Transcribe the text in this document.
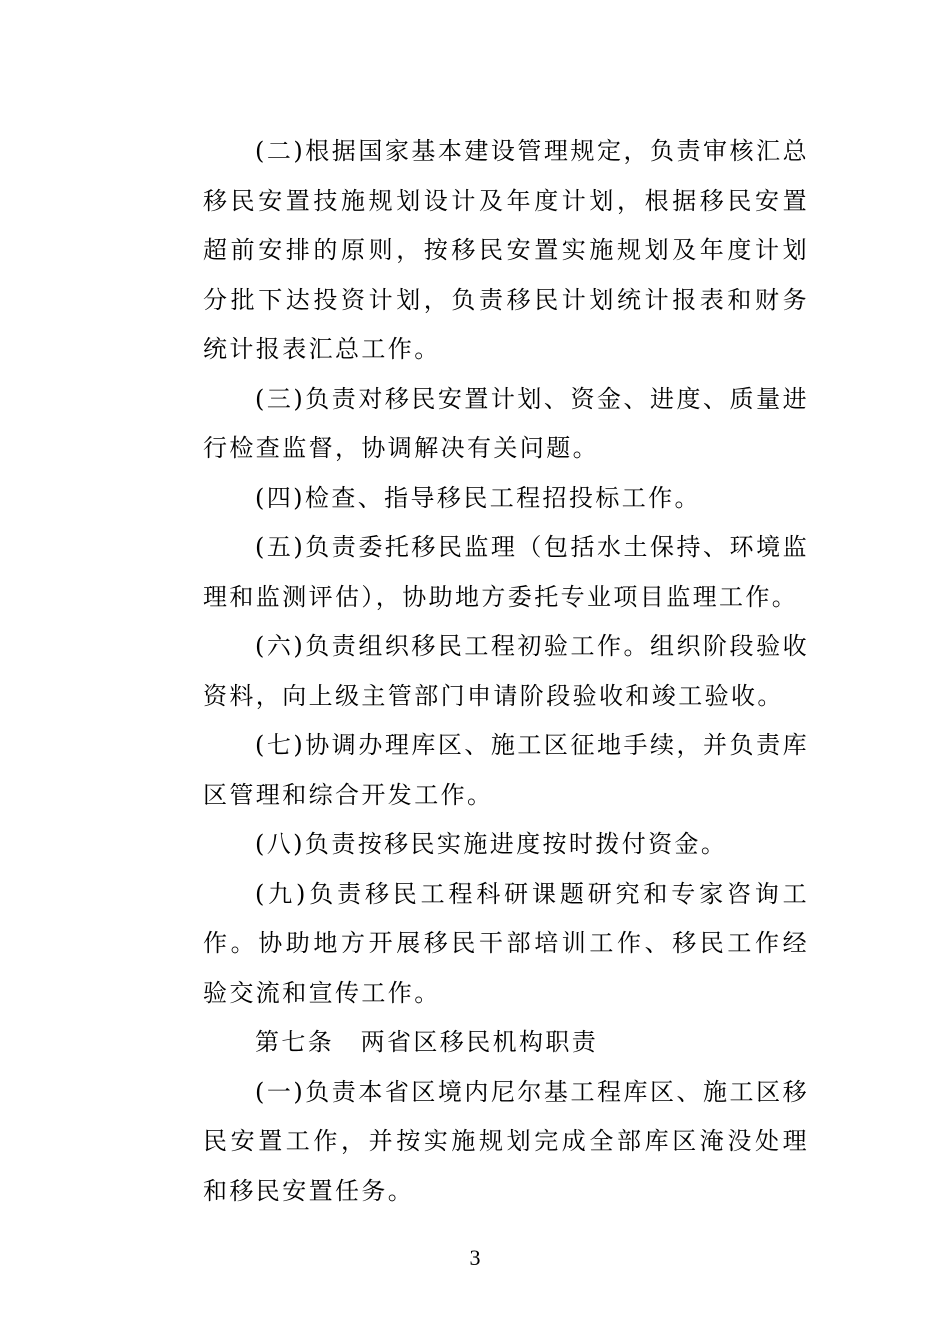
(二)根据国家基本建设管理规定，负责审核汇总移民安置技施规划设计及年度计划，根据移民安置超前安排的原则，按移民安置实施规划及年度计划分批下达投资计划，负责移民计划统计报表和财务统计报表汇总工作。

(三)负责对移民安置计划、资金、进度、质量进行检查监督，协调解决有关问题。

(四)检查、指导移民工程招投标工作。

(五)负责委托移民监理（包括水土保持、环境监理和监测评估），协助地方委托专业项目监理工作。

(六)负责组织移民工程初验工作。组织阶段验收资料，向上级主管部门申请阶段验收和竣工验收。

(七)协调办理库区、施工区征地手续，并负责库区管理和综合开发工作。

(八)负责按移民实施进度按时拨付资金。

(九)负责移民工程科研课题研究和专家咨询工作。协助地方开展移民干部培训工作、移民工作经验交流和宣传工作。

第七条　两省区移民机构职责

(一)负责本省区境内尼尔基工程库区、施工区移民安置工作，并按实施规划完成全部库区淹没处理和移民安置任务。

3
